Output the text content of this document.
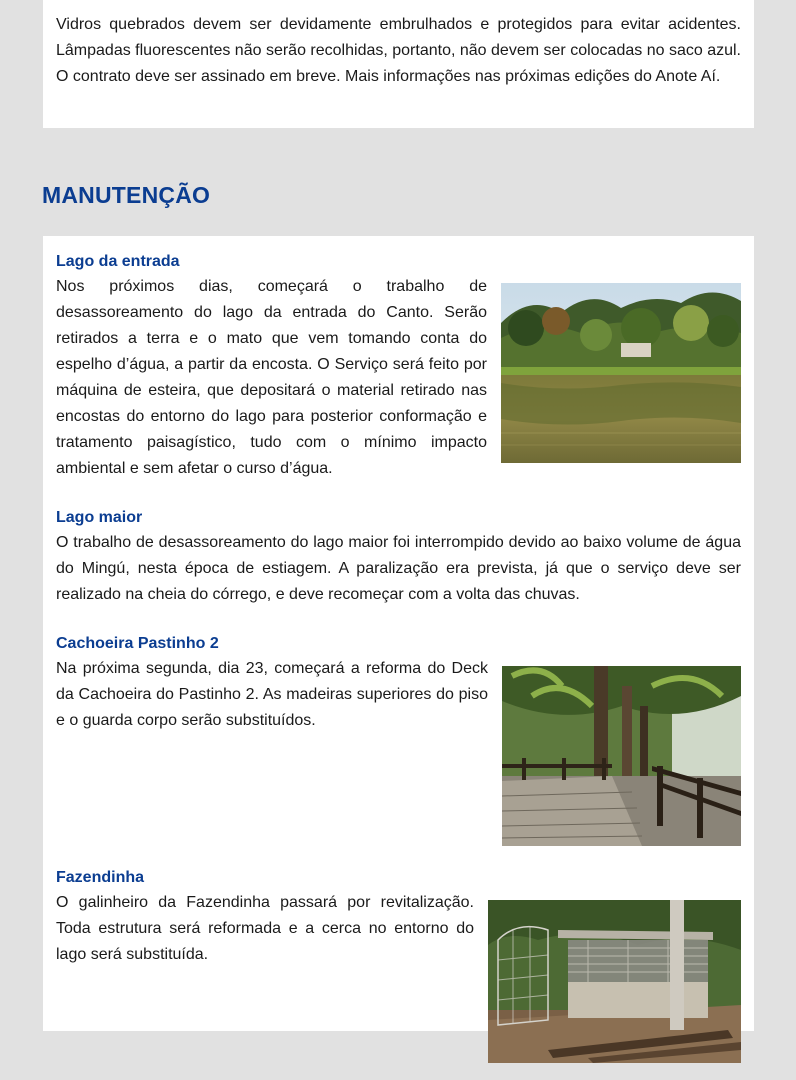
Vidros quebrados devem ser devidamente embrulhados e protegidos para evitar acidentes. Lâmpadas fluorescentes não serão recolhidas, portanto, não devem ser colocadas no saco azul. O contrato deve ser assinado em breve. Mais informações nas próximas edições do Anote Aí.

MANUTENÇÃO
Lago da entrada

Nos próximos dias, começará o trabalho de desassoreamento do lago da entrada do Canto. Serão retirados a terra e o mato que vem tomando conta do espelho d’água, a partir da encosta. O Serviço será feito por máquina de esteira, que depositará o material retirado nas encostas do entorno do lago para posterior conformação e tratamento paisagístico, tudo com o mínimo impacto ambiental e sem afetar o curso d’água.

Lago maior

O trabalho de desassoreamento do lago maior foi interrompido devido ao baixo volume de água do Mingú, nesta época de estiagem. A paralização era prevista, já que o serviço deve ser realizado na cheia do córrego, e deve recomeçar com a volta das chuvas.

Cachoeira Pastinho 2

Na próxima segunda, dia 23, começará a reforma do Deck da Cachoeira do Pastinho 2. As madeiras superiores do piso e o guarda corpo serão substituídos.

Fazendinha

O galinheiro da Fazendinha passará por revitalização. Toda estrutura será reformada e a cerca no entorno do lago será substituída.
